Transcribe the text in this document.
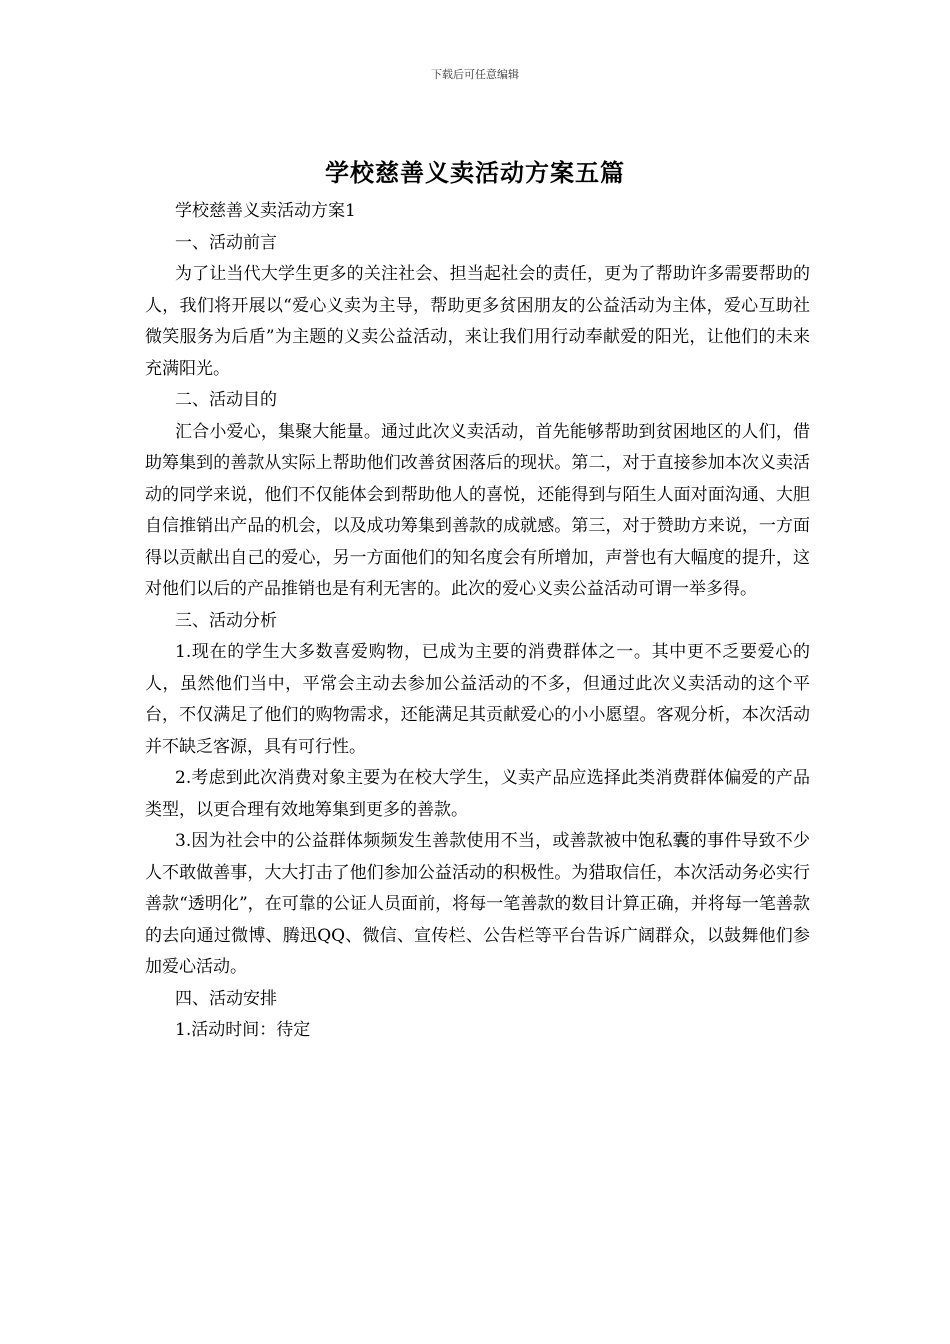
下载后可任意编辑
学校慈善义卖活动方案五篇

学校慈善义卖活动方案1

一、活动前言

为了让当代大学生更多的关注社会、担当起社会的责任，更为了帮助许多需要帮助的人，我们将开展以“爱心义卖为主导，帮助更多贫困朋友的公益活动为主体，爱心互助社微笑服务为后盾”为主题的义卖公益活动，来让我们用行动奉献爱的阳光，让他们的未来充满阳光。

二、活动目的

汇合小爱心，集聚大能量。通过此次义卖活动，首先能够帮助到贫困地区的人们，借助筹集到的善款从实际上帮助他们改善贫困落后的现状。第二，对于直接参加本次义卖活动的同学来说，他们不仅能体会到帮助他人的喜悦，还能得到与陌生人面对面沟通、大胆自信推销出产品的机会，以及成功筹集到善款的成就感。第三，对于赞助方来说，一方面得以贡献出自己的爱心，另一方面他们的知名度会有所增加，声誉也有大幅度的提升，这对他们以后的产品推销也是有利无害的。此次的爱心义卖公益活动可谓一举多得。

三、活动分析

1.现在的学生大多数喜爱购物，已成为主要的消费群体之一。其中更不乏要爱心的人，虽然他们当中，平常会主动去参加公益活动的不多，但通过此次义卖活动的这个平台，不仅满足了他们的购物需求，还能满足其贡献爱心的小小愿望。客观分析，本次活动并不缺乏客源，具有可行性。

2.考虑到此次消费对象主要为在校大学生，义卖产品应选择此类消费群体偏爱的产品类型，以更合理有效地筹集到更多的善款。

3.因为社会中的公益群体频频发生善款使用不当，或善款被中饱私囊的事件导致不少人不敢做善事，大大打击了他们参加公益活动的积极性。为猎取信任，本次活动务必实行善款“透明化”，在可靠的公证人员面前，将每一笔善款的数目计算正确，并将每一笔善款的去向通过微博、腾迅QQ、微信、宣传栏、公告栏等平台告诉广阔群众，以鼓舞他们参加爱心活动。

四、活动安排

1.活动时间：待定
